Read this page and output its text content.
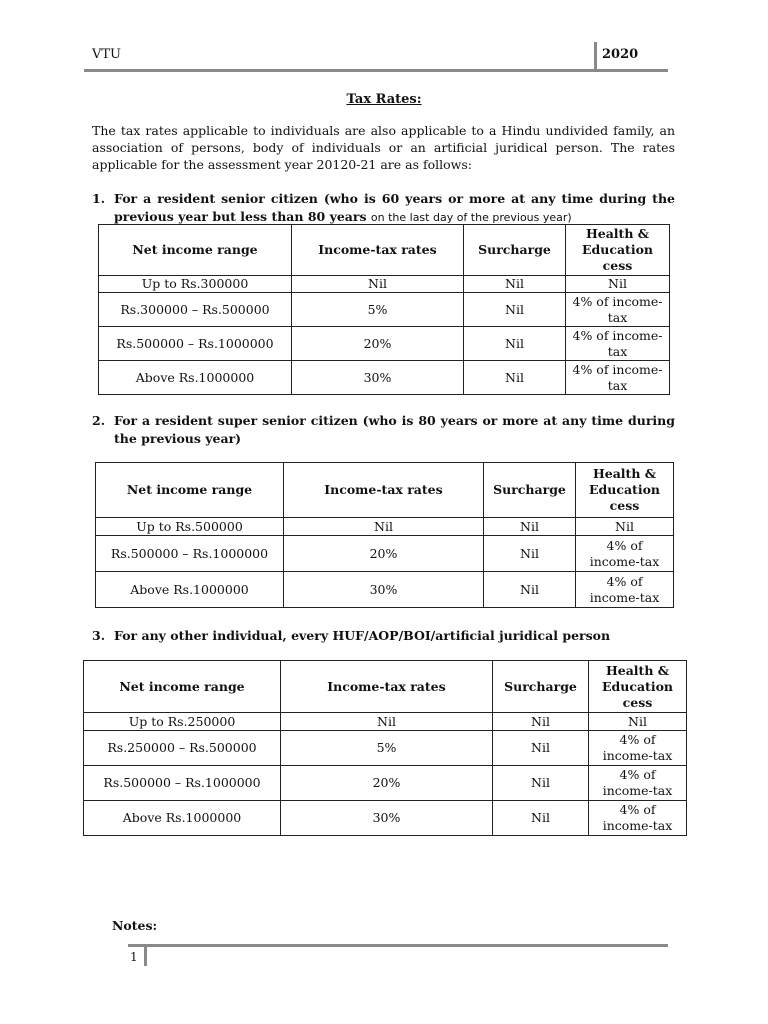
VTU	2020
Tax Rates:
The tax rates applicable to individuals are also applicable to a Hindu undivided family, an association of persons, body of individuals or an artificial juridical person. The rates applicable for the assessment year 20120-21 are as follows:
1. For a resident senior citizen (who is 60 years or more at any time during the previous year but less than 80 years on the last day of the previous year)
Net income range	Income-tax rates	Surcharge	Health & Education cess
Up to Rs.300000	Nil	Nil	Nil
Rs.300000 – Rs.500000	5%	Nil	4% of income-tax
Rs.500000 – Rs.1000000	20%	Nil	4% of income-tax
Above Rs.1000000	30%	Nil	4% of income-tax
2. For a resident super senior citizen (who is 80 years or more at any time during the previous year)
Net income range	Income-tax rates	Surcharge	Health & Education cess
Up to Rs.500000	Nil	Nil	Nil
Rs.500000 – Rs.1000000	20%	Nil	4% of income-tax
Above Rs.1000000	30%	Nil	4% of income-tax
3. For any other individual, every HUF/AOP/BOI/artificial juridical person
Net income range	Income-tax rates	Surcharge	Health & Education cess
Up to Rs.250000	Nil	Nil	Nil
Rs.250000 – Rs.500000	5%	Nil	4% of income-tax
Rs.500000 – Rs.1000000	20%	Nil	4% of income-tax
Above Rs.1000000	30%	Nil	4% of income-tax
Notes:
1
